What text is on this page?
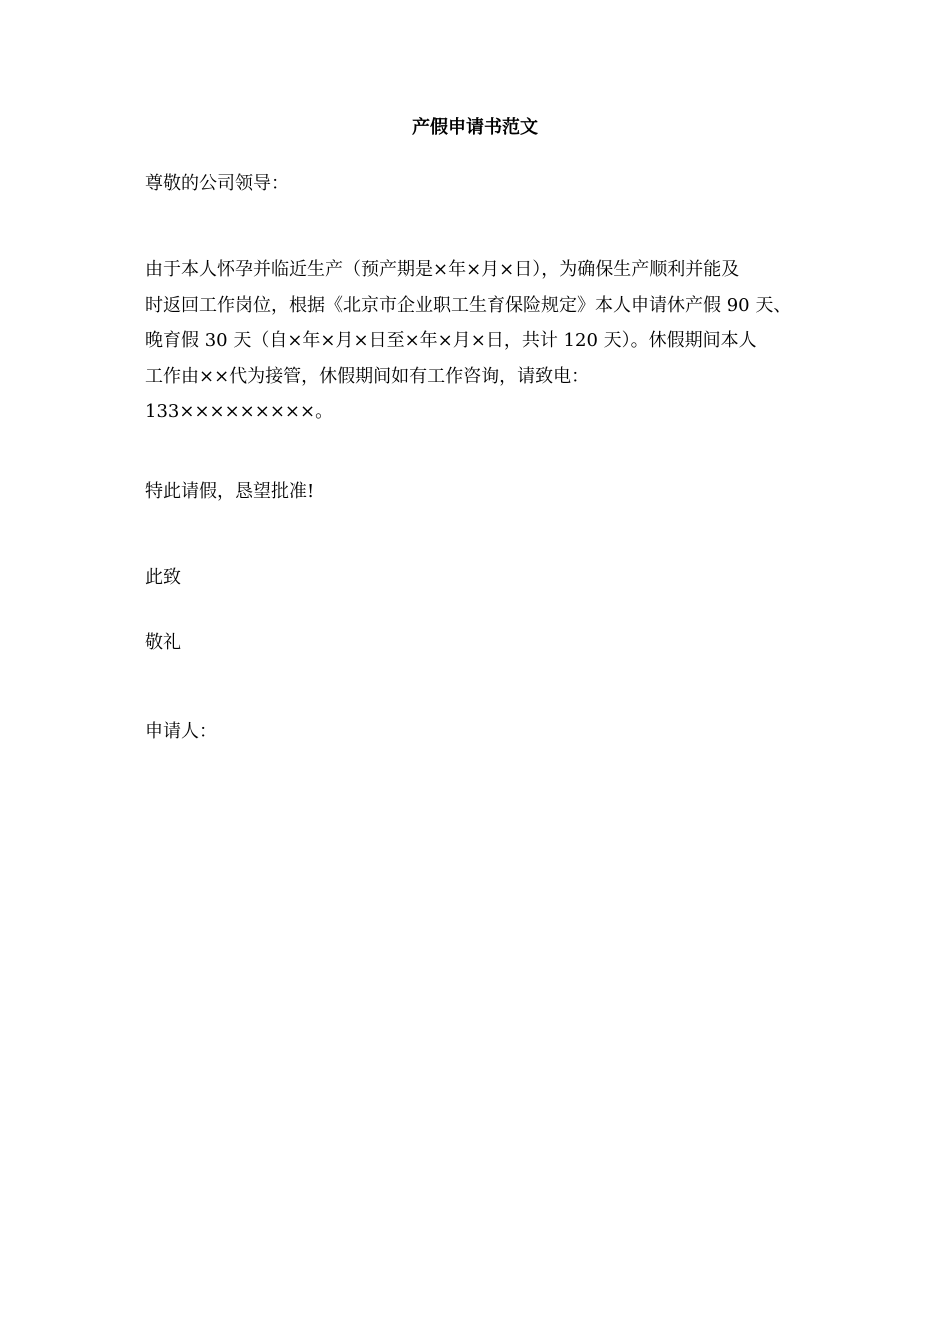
产假申请书范文
尊敬的公司领导：
由于本人怀孕并临近生产（预产期是×年×月×日），为确保生产顺利并能及
时返回工作岗位，根据《北京市企业职工生育保险规定》本人申请休产假 90 天、
晚育假 30 天（自×年×月×日至×年×月×日，共计 120 天）。休假期间本人
工作由××代为接管，休假期间如有工作咨询，请致电：
133×××××××××。
特此请假，恳望批准!
此致
敬礼
申请人：
